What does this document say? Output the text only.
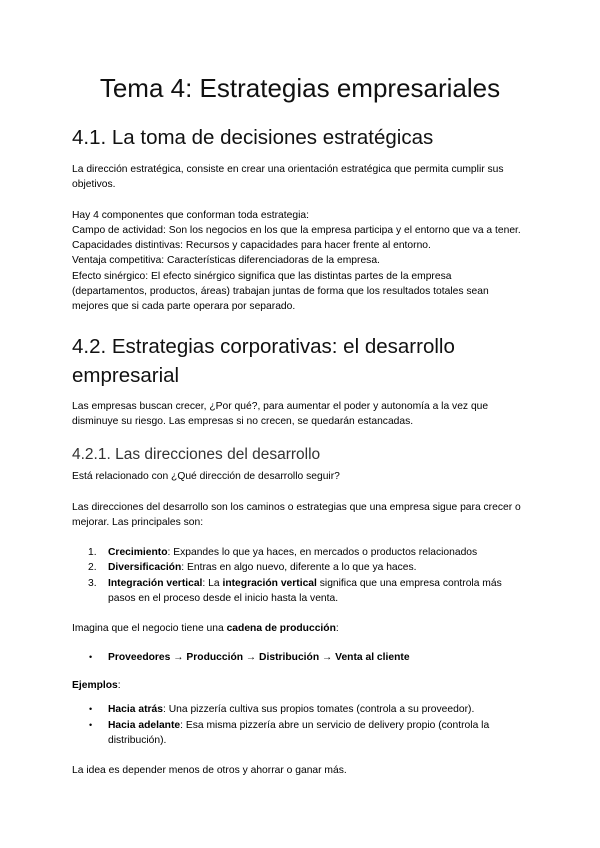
Tema 4: Estrategias empresariales
4.1. La toma de decisiones estratégicas

La dirección estratégica, consiste en crear una orientación estratégica que permita cumplir sus objetivos.

Hay 4 componentes que conforman toda estrategia:

Campo de actividad: Son los negocios en los que la empresa participa y el entorno que va a tener.

Capacidades distintivas: Recursos y capacidades para hacer frente al entorno.

Ventaja competitiva: Características diferenciadoras de la empresa.

Efecto sinérgico: El efecto sinérgico significa que las distintas partes de la empresa (departamentos, productos, áreas) trabajan juntas de forma que los resultados totales sean mejores que si cada parte operara por separado.

4.2. Estrategias corporativas: el desarrollo empresarial

Las empresas buscan crecer, ¿Por qué?, para aumentar el poder y autonomía a la vez que disminuye su riesgo. Las empresas si no crecen, se quedarán estancadas.

4.2.1. Las direcciones del desarrollo

Está relacionado con ¿Qué dirección de desarrollo seguir?

Las direcciones del desarrollo son los caminos o estrategias que una empresa sigue para crecer o mejorar. Las principales son:

1. Crecimiento: Expandes lo que ya haces, en mercados o productos relacionados
2. Diversificación: Entras en algo nuevo, diferente a lo que ya haces.
3. Integración vertical: La integración vertical significa que una empresa controla más pasos en el proceso desde el inicio hasta la venta.

Imagina que el negocio tiene una cadena de producción:

• Proveedores → Producción → Distribución → Venta al cliente

Ejemplos:

• Hacia atrás: Una pizzería cultiva sus propios tomates (controla a su proveedor).
• Hacia adelante: Esa misma pizzería abre un servicio de delivery propio (controla la distribución).

La idea es depender menos de otros y ahorrar o ganar más.
